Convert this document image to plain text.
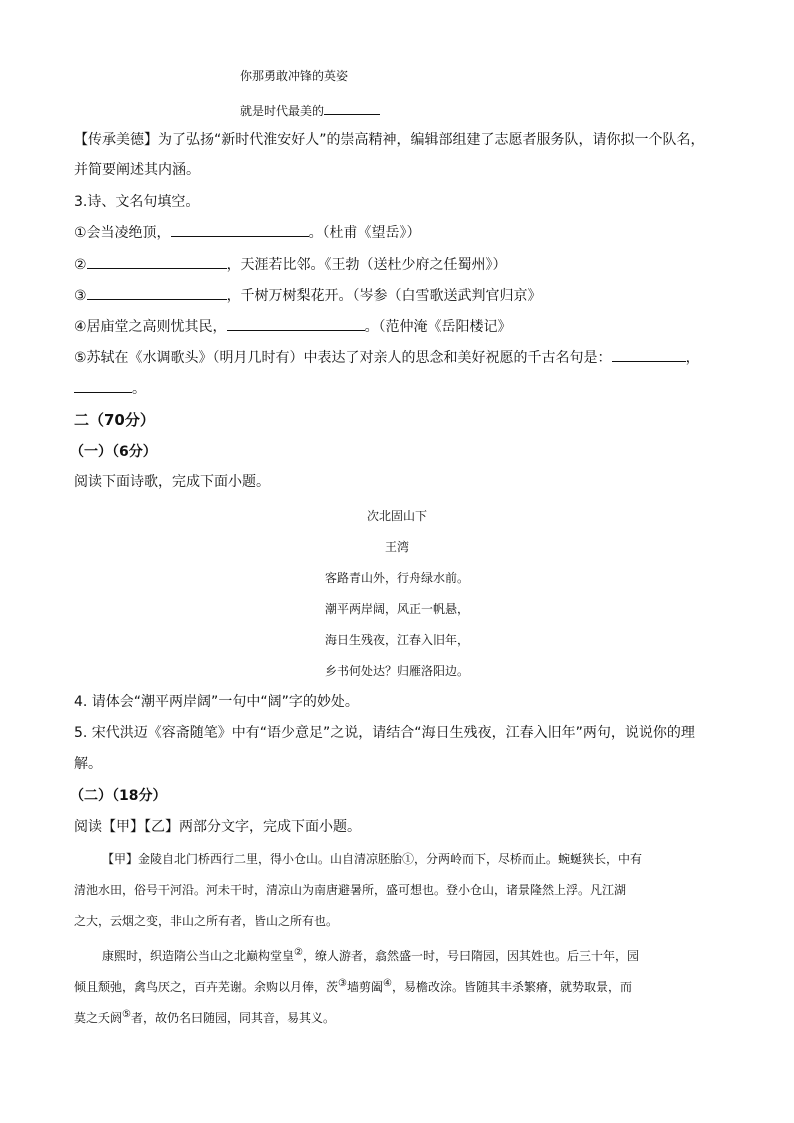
你那勇敢冲锋的英姿
就是时代最美的
【传承美德】为了弘扬“新时代淮安好人”的崇高精神，编辑部组建了志愿者服务队，请你拟一个队名，
并简要阐述其内涵。
3.诗、文名句填空。
①会当凌绝顶，	。（杜甫《望岳》）
②	，天涯若比邻。《王勃（送杜少府之任蜀州》）
③	，千树万树梨花开。（岑参（白雪歌送武判官归京》
④居庙堂之高则忧其民，	。（范仲淹《岳阳楼记》
⑤苏轼在《水调歌头》（明月几时有）中表达了对亲人的思念和美好祝愿的千古名句是：	，
。
二（70分）
（一）（6分）
阅读下面诗歌，完成下面小题。
次北固山下
王湾
客路青山外，行舟绿水前。
潮平两岸阔，风正一帆悬，
海日生残夜，江春入旧年，
乡书何处达？归雁洛阳边。
4. 请体会“潮平两岸阔”一句中“阔”字的妙处。
5. 宋代洪迈《容斋随笔》中有“语少意足”之说，请结合“海日生残夜，江春入旧年”两句，说说你的理
解。
（二）（18分）
阅读【甲】【乙】两部分文字，完成下面小题。
【甲】金陵自北门桥西行二里，得小仓山。山自清凉胚胎①，分两岭而下，尽桥而止。蜿蜒狭长，中有
清池水田，俗号干河沿。河未干时，清凉山为南唐避暑所，盛可想也。登小仓山，诸景隆然上浮。凡江湖
之大，云烟之变，非山之所有者，皆山之所有也。
康熙时，织造隋公当山之北巅构堂皇②，缭人游者，翕然盛一时，号曰隋园，因其姓也。后三十年，园
倾且颓弛，禽鸟厌之，百卉芜谢。余购以月俸，茨③墙剪阖④，易檐改涂。皆随其丰杀繁瘠，就势取景，而
莫之夭阏⑤者，故仍名曰随园，同其音，易其义。
